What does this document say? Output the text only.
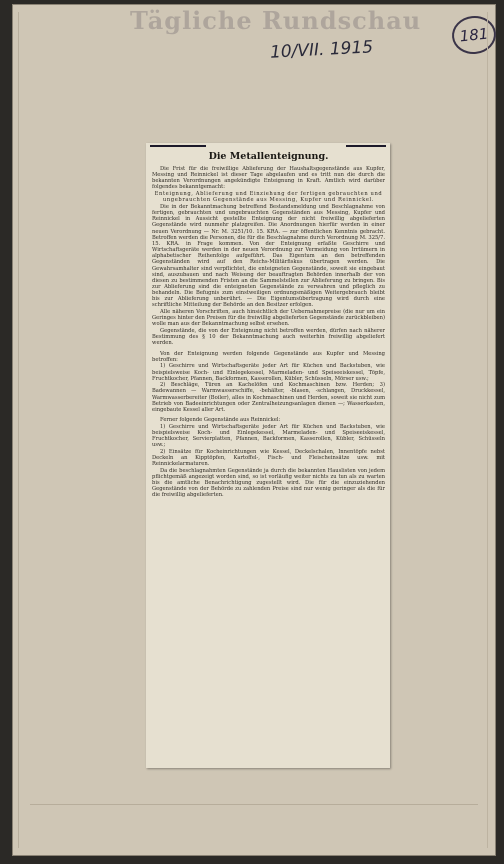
Tägliche Rundschau
10/VII. 1915
181
Die Metallenteignung.

Die Frist für die freiwillige Ablieferung der Haushaltsgegenstände aus Kupfer, Messing und Reinnickel ist dieser Tage abgelaufen und es tritt nun die durch die bekannten Verordnungen angekündigte Enteignung in Kraft. Amtlich wird darüber folgendes bekanntgemacht:

Enteignung, Ablieferung und Einziehung der fertigen gebrauchten und ungebrauchten Gegenstände aus Messing, Kupfer und Reinnickel.

Die in der Bekanntmachung betreffend Bestandsmeldung und Beschlagnahme von fertigen, gebrauchten und ungebrauchten Gegenständen aus Messing, Kupfer und Reinnickel in Aussicht gestellte Enteignung der nicht freiwillig abgelieferten Gegenstände wird nunmehr platzgreifen. Die Anordnungen hierfür werden in einer neuen Verordnung — Nr. M. 3251/10. 15. KRA. — zur öffentlichen Kenntnis gebracht. Betroffen werden die Personen, die für die Beschlagnahme durch Verordnung M. 325/7. 15. KRA. in Frage kommen. Von der Enteignung erfaßte Geschirre und Wirtschaftsgeräte werden in der neuen Verordnung zur Vermeidung von Irrtümern in alphabetischer Reihenfolge aufgeführt. Das Eigentum an den betreffenden Gegenständen wird auf den Reichs-Militärfiskus übertragen werden. Die Gewahrsamhalter sind verpflichtet, die enteigneten Gegenstände, soweit sie eingebaut sind, auszubauen und nach Weisung der beauftragten Behörden innerhalb der von diesen zu bestimmenden Fristen an die Sammelstellen zur Ablieferung zu bringen. Bis zur Ablieferung sind die enteigneten Gegenstände zu verwahren und pfleglich zu behandeln. Die Befugnis zum einstweiligen ordnungsmäßigen Weitergebrauch bleibt bis zur Ablieferung unberührt. — Die Eigentumsübertragung wird durch eine schriftliche Mitteilung der Behörde an den Besitzer erfolgen.

Alle näheren Vorschriften, auch hinsichtlich der Uebernahmepreise (die nur um ein Geringes hinter den Preisen für die freiwillig abgelieferten Gegenstände zurückbleiben) wolle man aus der Bekanntmachung selbst ersehen.

Gegenstände, die von der Enteignung nicht betroffen werden, dürfen nach näherer Bestimmung des § 10 der Bekanntmachung auch weiterhin freiwillig abgeliefert werden.

Von der Enteignung werden folgende Gegenstände aus Kupfer und Messing betroffen:

1) Geschirre und Wirtschaftsgeräte jeder Art für Küchen und Backstuben, wie beispielsweise Koch- und Einlegekessel, Marmeladen- und Speiseeiskessel, Töpfe, Fruchtkocher, Pfannen, Backformen, Kasserollen, Kübler, Schüsseln, Mörser usw.;

2) Beschläge, Türen an Kachelöfen und Kochmaschinen bzw. Herden; 3) Badewannen — Warmwasserschiffe, -behälter, -blasen, -schlangen, Druckkessel, Warmwasserbereiter (Boiler), alles in Kochmaschinen und Herden, soweit sie nicht zum Betrieb von Badeeinrichtungen oder Zentralheizungsanlagen dienen —; Wasserkasten, eingebaute Kessel aller Art.

Ferner folgende Gegenstände aus Reinnickel:

1) Geschirre und Wirtschaftsgeräte jeder Art für Küchen und Backstuben, wie beispielsweise Koch- und Einlegekessel, Marmeladen- und Speiseeiskessel, Fruchtkocher, Servierplatten, Pfannen, Backformen, Kasserollen, Kübler, Schüsseln usw.;

2) Einsätze für Kocheinrichtungen wie Kessel, Deckelschalen, Innentöpfe nebst Deckeln an Kipptöpfen, Kartoffel-, Fisch- und Fleischeinsätze usw. mit Reinnickelarmaturen.

Da die beschlagnahmten Gegenstände ja durch die bekannten Hauslisten von jedem pflichtgemäß angezeigt worden sind, so ist vorläufig weiter nichts zu tun als zu warten bis die amtliche Benachrichtigung zugestellt wird. Die für die einzuziehenden Gegenstände von der Behörde zu zahlenden Preise sind nur wenig geringer als die für die freiwillig abgelieferten.
